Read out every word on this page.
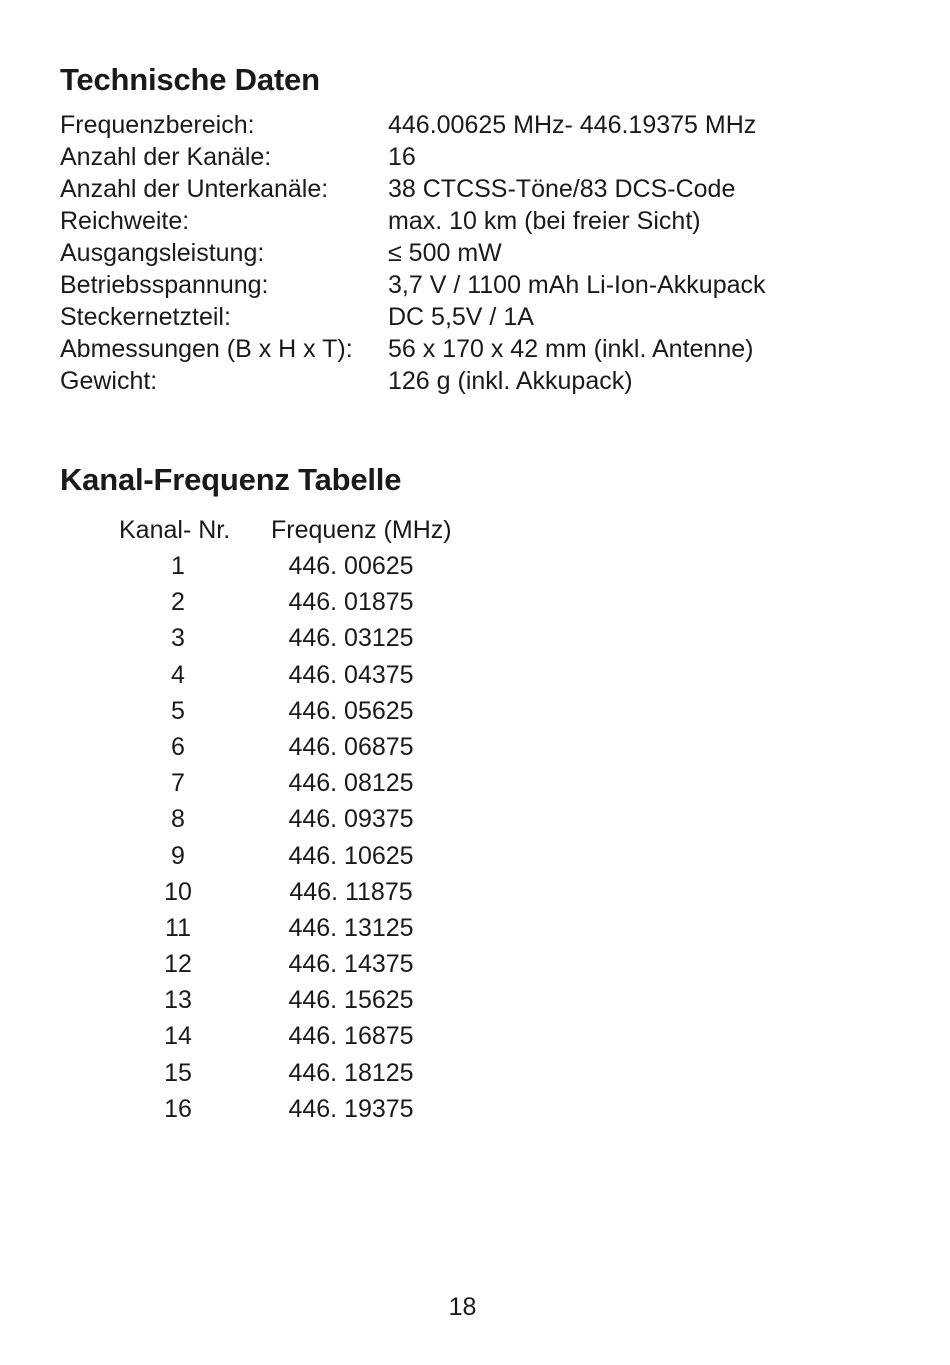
Technische Daten
Frequenzbereich:	446.00625 MHz- 446.19375 MHz
Anzahl der Kanäle:	16
Anzahl der Unterkanäle:	38 CTCSS-Töne/83 DCS-Code
Reichweite:	max. 10 km (bei freier Sicht)
Ausgangsleistung:	≤ 500 mW
Betriebsspannung:	3,7 V / 1100 mAh Li-Ion-Akkupack
Steckernetzteil:	DC 5,5V / 1A
Abmessungen (B x H x T):	56 x 170 x 42 mm (inkl. Antenne)
Gewicht:	126 g (inkl. Akkupack)
Kanal-Frequenz Tabelle
Kanal- Nr.	Frequenz (MHz)
1	446. 00625
2	446. 01875
3	446. 03125
4	446. 04375
5	446. 05625
6	446. 06875
7	446. 08125
8	446. 09375
9	446. 10625
10	446. 11875
11	446. 13125
12	446. 14375
13	446. 15625
14	446. 16875
15	446. 18125
16	446. 19375
18
